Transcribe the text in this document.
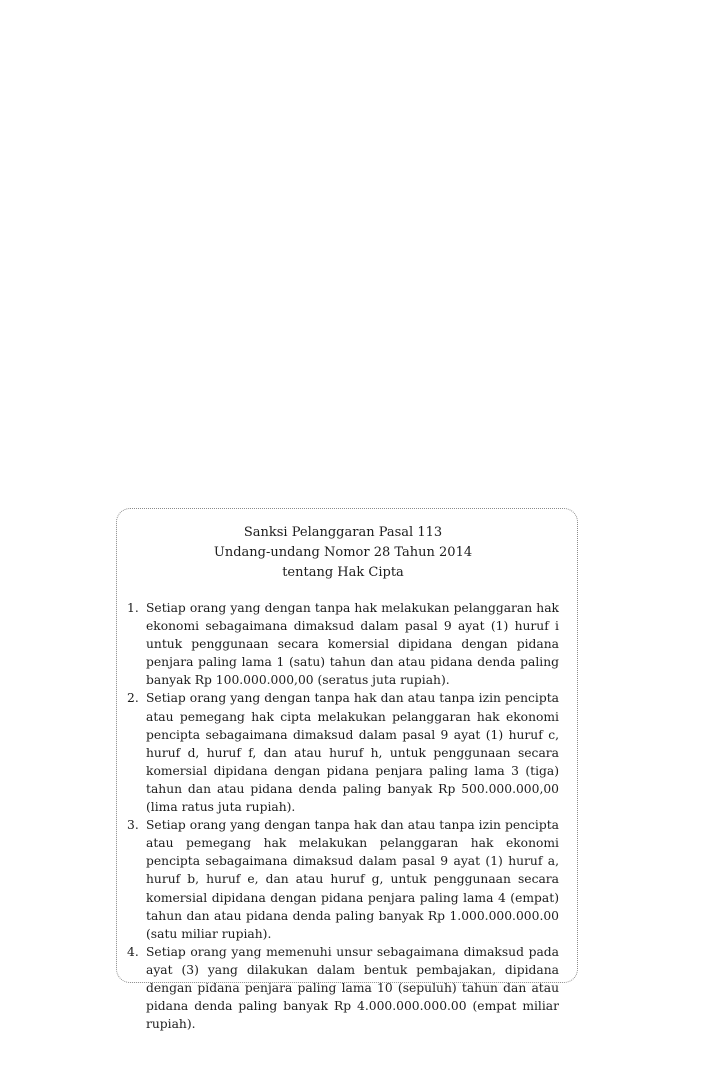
Sanksi Pelanggaran Pasal 113
Undang-undang Nomor 28 Tahun 2014
tentang Hak Cipta
1. Setiap orang yang dengan tanpa hak melakukan pelanggaran hak ekonomi sebagaimana dimaksud dalam pasal 9 ayat (1) huruf i untuk penggunaan secara komersial dipidana dengan pidana penjara paling lama 1 (satu) tahun dan atau pidana denda paling banyak Rp 100.000.000,00 (seratus juta rupiah).
2. Setiap orang yang dengan tanpa hak dan atau tanpa izin pencipta atau pemegang hak cipta melakukan pelanggaran hak ekonomi pencipta sebagaimana dimaksud dalam pasal 9 ayat (1) huruf c, huruf d, huruf f, dan atau huruf h, untuk penggunaan secara komersial dipidana dengan pidana penjara paling lama 3 (tiga) tahun dan atau pidana denda paling banyak Rp 500.000.000,00 (lima ratus juta rupiah).
3. Setiap orang yang dengan tanpa hak dan atau tanpa izin pencipta atau pemegang hak melakukan pelanggaran hak ekonomi pencipta sebagaimana dimaksud dalam pasal 9 ayat (1) huruf a, huruf b, huruf e, dan atau huruf g, untuk penggunaan secara komersial dipidana dengan pidana penjara paling lama 4 (empat) tahun dan atau pidana denda paling banyak Rp 1.000.000.000.00 (satu miliar rupiah).
4. Setiap orang yang memenuhi unsur sebagaimana dimaksud pada ayat (3) yang dilakukan dalam bentuk pembajakan, dipidana dengan pidana penjara paling lama 10 (sepuluh) tahun dan atau pidana denda paling banyak Rp 4.000.000.000.00 (empat miliar rupiah).
